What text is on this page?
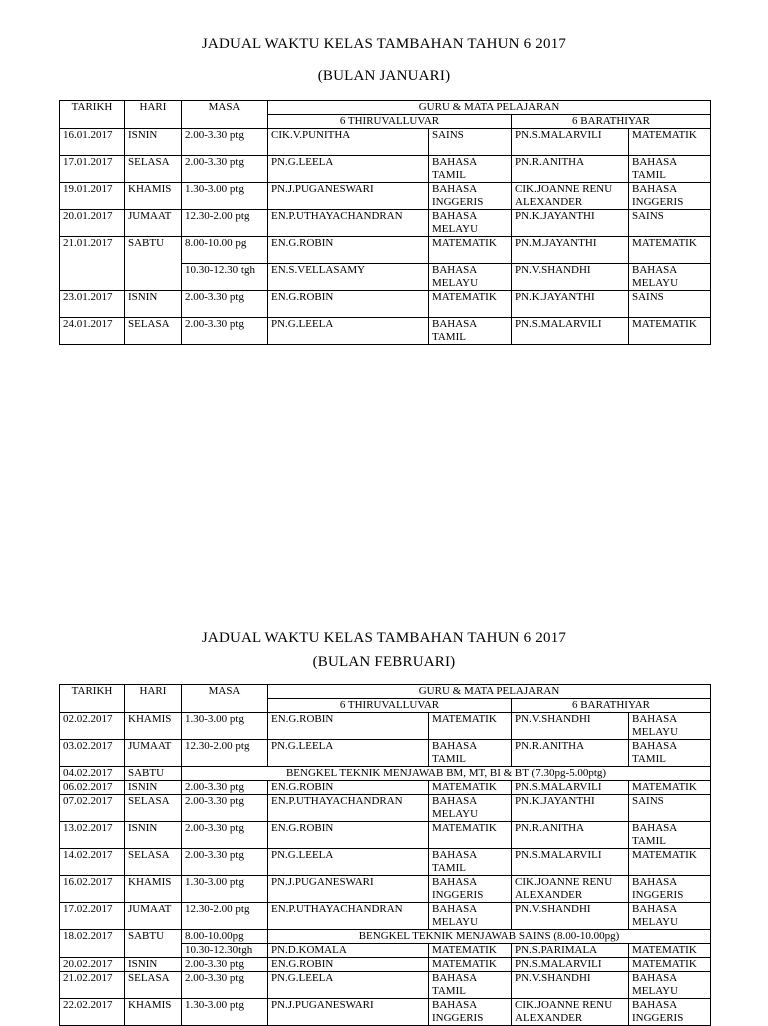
JADUAL WAKTU KELAS TAMBAHAN TAHUN 6 2017
(BULAN JANUARI)
TARIKH	HARI	MASA	GURU & MATA PELAJARAN			
			6 THIRUVALLUVAR		6 BARATHIYAR	
16.01.2017	ISNIN	2.00-3.30 ptg	CIK.V.PUNITHA	SAINS	PN.S.MALARVILI	MATEMATIK
17.01.2017	SELASA	2.00-3.30 ptg	PN.G.LEELA	BAHASA
TAMIL	PN.R.ANITHA	BAHASA
TAMIL
19.01.2017	KHAMIS	1.30-3.00 ptg	PN.J.PUGANESWARI	BAHASA
INGGERIS	CIK.JOANNE RENU
ALEXANDER	BAHASA
INGGERIS
20.01.2017	JUMAAT	12.30-2.00 ptg	EN.P.UTHAYACHANDRAN	BAHASA
MELAYU	PN.K.JAYANTHI	SAINS
21.01.2017	SABTU	8.00-10.00 pg	EN.G.ROBIN	MATEMATIK	PN.M.JAYANTHI	MATEMATIK
		10.30-12.30 tgh	EN.S.VELLASAMY	BAHASA
MELAYU	PN.V.SHANDHI	BAHASA
MELAYU
23.01.2017	ISNIN	2.00-3.30 ptg	EN.G.ROBIN	MATEMATIK	PN.K.JAYANTHI	SAINS
24.01.2017	SELASA	2.00-3.30 ptg	PN.G.LEELA	BAHASA
TAMIL	PN.S.MALARVILI	MATEMATIK
JADUAL WAKTU KELAS TAMBAHAN TAHUN 6 2017
(BULAN FEBRUARI)
TARIKH	HARI	MASA	GURU & MATA PELAJARAN			
			6 THIRUVALLUVAR		6 BARATHIYAR	
02.02.2017	KHAMIS	1.30-3.00 ptg	EN.G.ROBIN	MATEMATIK	PN.V.SHANDHI	BAHASA
MELAYU
03.02.2017	JUMAAT	12.30-2.00 ptg	PN.G.LEELA	BAHASA
TAMIL	PN.R.ANITHA	BAHASA
TAMIL
04.02.2017	SABTU	BENGKEL TEKNIK MENJAWAB BM, MT, BI & BT (7.30pg-5.00ptg)				
06.02.2017	ISNIN	2.00-3.30 ptg	EN.G.ROBIN	MATEMATIK	PN.S.MALARVILI	MATEMATIK
07.02.2017	SELASA	2.00-3.30 ptg	EN.P.UTHAYACHANDRAN	BAHASA
MELAYU	PN.K.JAYANTHI	SAINS
13.02.2017	ISNIN	2.00-3.30 ptg	EN.G.ROBIN	MATEMATIK	PN.R.ANITHA	BAHASA
TAMIL
14.02.2017	SELASA	2.00-3.30 ptg	PN.G.LEELA	BAHASA
TAMIL	PN.S.MALARVILI	MATEMATIK
16.02.2017	KHAMIS	1.30-3.00 ptg	PN.J.PUGANESWARI	BAHASA
INGGERIS	CIK.JOANNE RENU
ALEXANDER	BAHASA
INGGERIS
17.02.2017	JUMAAT	12.30-2.00 ptg	EN.P.UTHAYACHANDRAN	BAHASA
MELAYU	PN.V.SHANDHI	BAHASA
MELAYU
18.02.2017	SABTU	8.00-10.00pg	BENGKEL TEKNIK MENJAWAB SAINS (8.00-10.00pg)			
		10.30-12.30tgh	PN.D.KOMALA	MATEMATIK	PN.S.PARIMALA	MATEMATIK
20.02.2017	ISNIN	2.00-3.30 ptg	EN.G.ROBIN	MATEMATIK	PN.S.MALARVILI	MATEMATIK
21.02.2017	SELASA	2.00-3.30 ptg	PN.G.LEELA	BAHASA
TAMIL	PN.V.SHANDHI	BAHASA
MELAYU
22.02.2017	KHAMIS	1.30-3.00 ptg	PN.J.PUGANESWARI	BAHASA
INGGERIS	CIK.JOANNE RENU
ALEXANDER	BAHASA
INGGERIS
